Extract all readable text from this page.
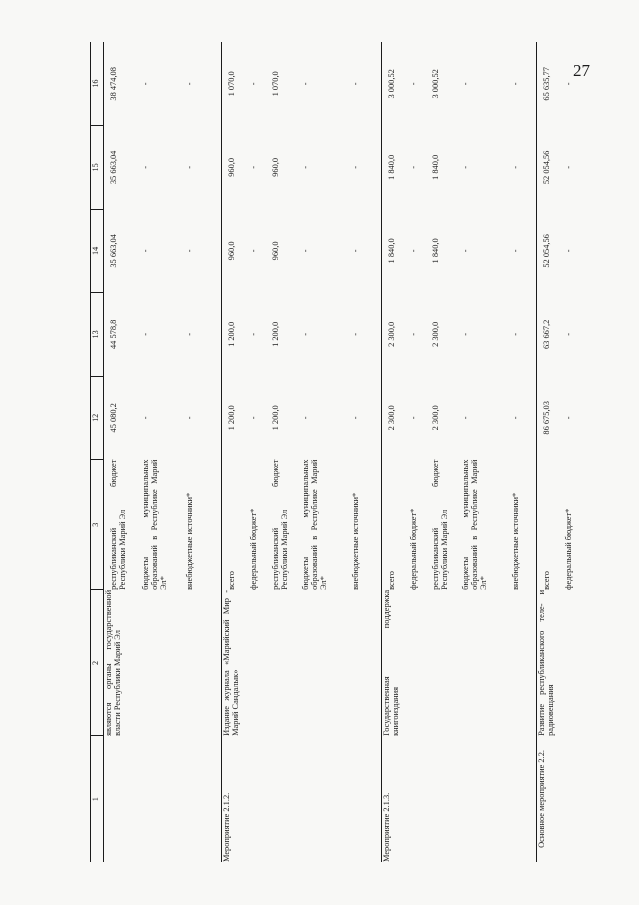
27
1	2	3	12	13	14	15	16
	являются органы государственной власти Республики Марий Эл	республиканский бюджет Республики Марий Эл	45 080,2	44 578,8	35 663,04	35 663,04	38 474,08

		бюджеты муниципальных образований в Республике Марий Эл*	-	-	-	-	-

		внебюджетные источники*	-	-	-	-	-

Мероприятие 2.1.2.	Издание журнала «Марийский Мир - Марий Сандалык»	всего	1 200,0	1 200,0	960,0	960,0	1 070,0

		федеральный бюджет*	-	-	-	-	-

		республиканский бюджет Республики Марий Эл	1 200,0	1 200,0	960,0	960,0	1 070,0

		бюджеты муниципальных образований в Республике Марий Эл*	-	-	-	-	-

		внебюджетные источники*	-	-	-	-	-

Мероприятие 2.1.3.	Государственная поддержка книгоиздания	всего	2 300,0	2 300,0	1 840,0	1 840,0	3 000,52

		федеральный бюджет*	-	-	-	-	-

		республиканский бюджет Республики Марий Эл	2 300,0	2 300,0	1 840,0	1 840,0	3 000,52

		бюджеты муниципальных образований в Республике Марий Эл*	-	-	-	-	-

		внебюджетные источники*	-	-	-	-	-

Основное мероприятие 2.2.	Развитие республиканского теле- и радиовещания	всего	86 675,03	63 667,2	52 054,56	52 054,56	65 635,77

		федеральный бюджет*	-	-	-	-	-
